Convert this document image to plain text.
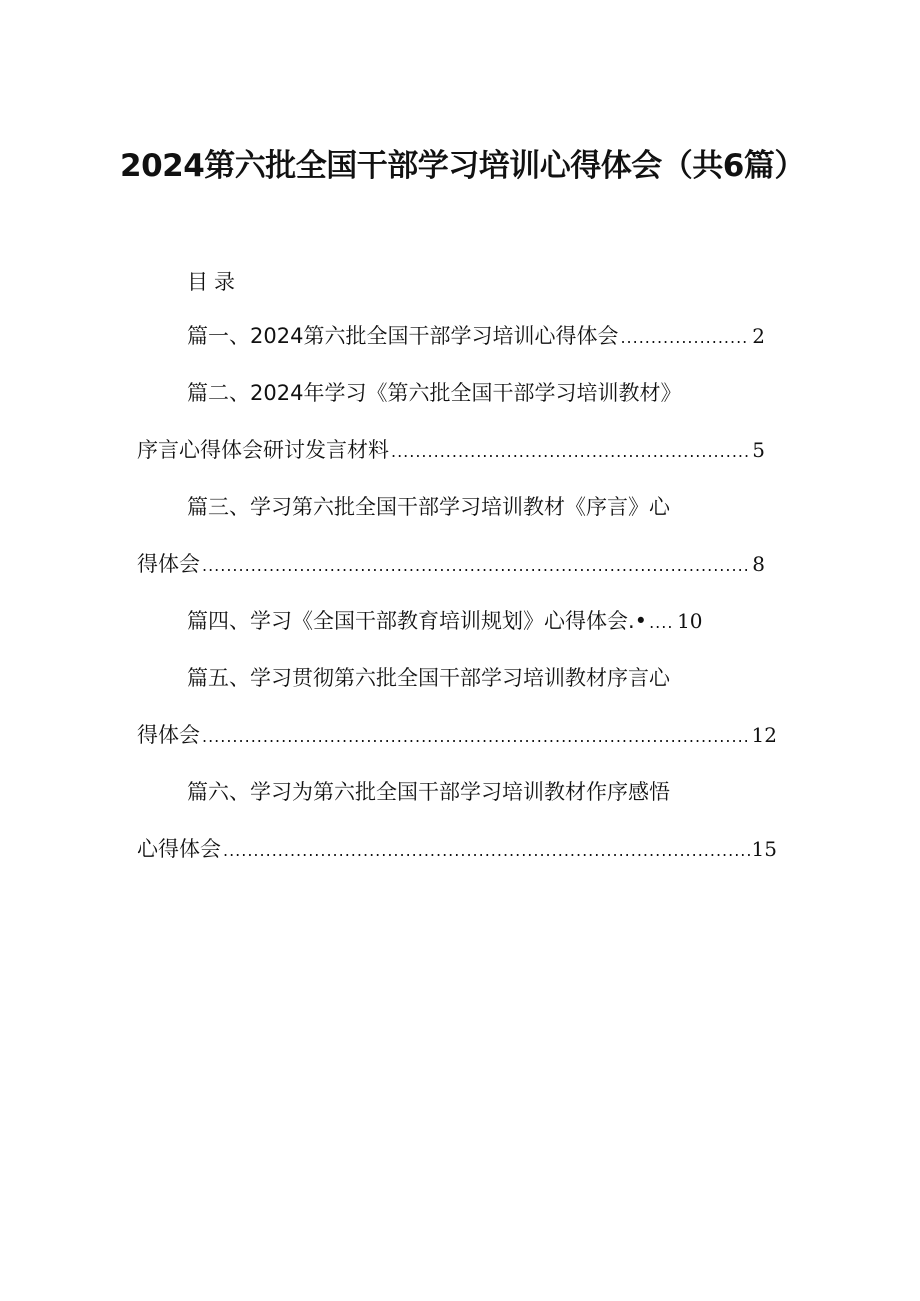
2024第六批全国干部学习培训心得体会（共6篇）
目录
篇一、2024第六批全国干部学习培训心得体会 .....	2
篇二、2024年学习《第六批全国干部学习培训教材》
序言心得体会研讨发言材料 .....	5
篇三、学习第六批全国干部学习培训教材《序言》心
得体会 .....	8
篇四、学习《全国干部教育培训规划》心得体会.• ..... 10
篇五、学习贯彻第六批全国干部学习培训教材序言心
得体会 .....	12
篇六、学习为第六批全国干部学习培训教材作序感悟
心得体会 .....	15
